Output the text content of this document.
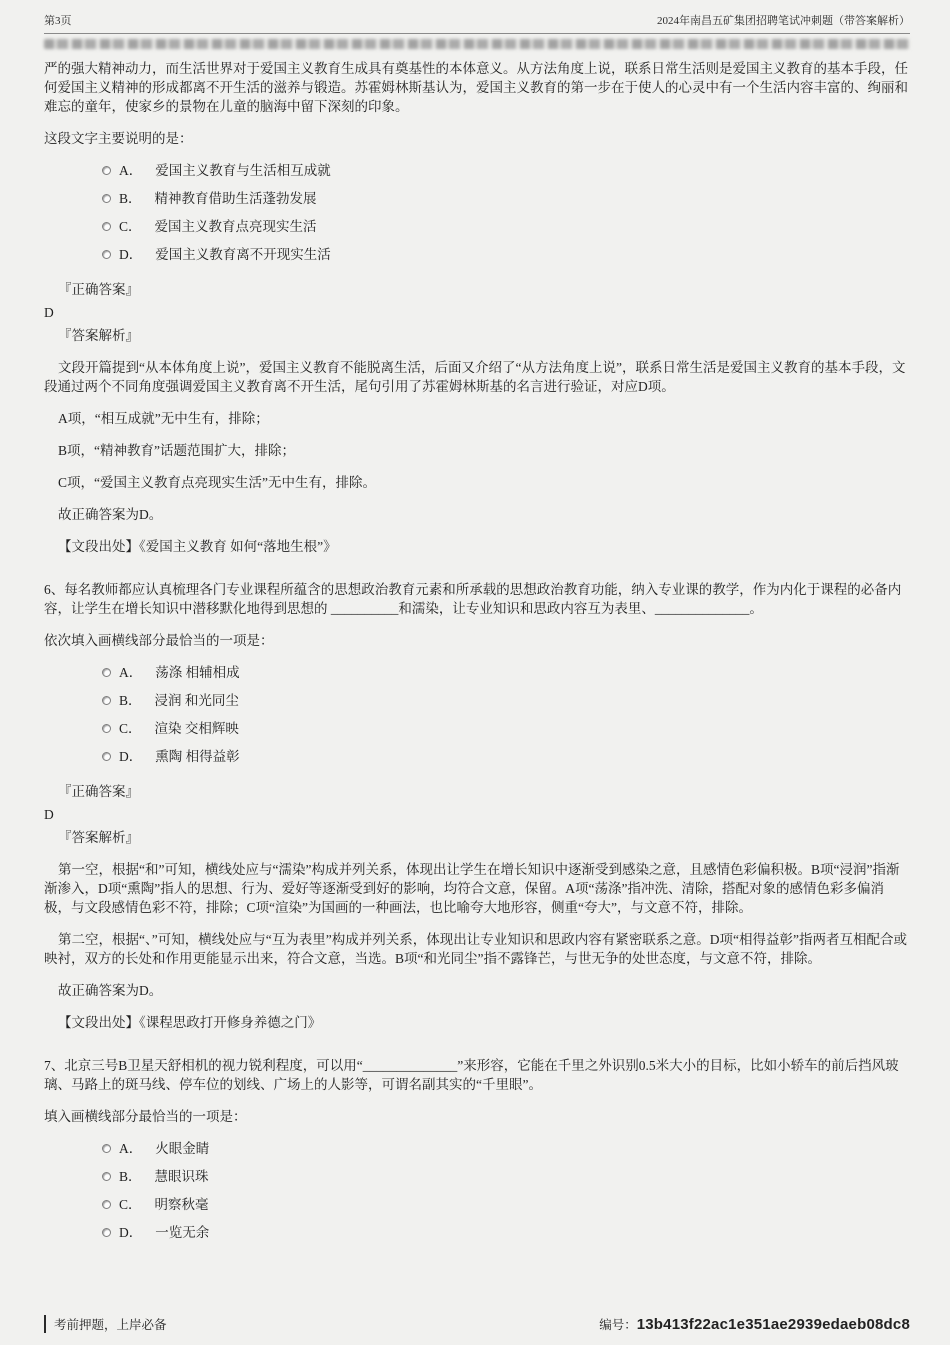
第3页	2024年南昌五矿集团招聘笔试冲刺题（带答案解析）

严的强大精神动力，而生活世界对于爱国主义教育生成具有奠基性的本体意义。从方法角度上说，联系日常生活则是爱国主义教育的基本手段，任何爱国主义精神的形成都离不开生活的滋养与锻造。苏霍姆林斯基认为，爱国主义教育的第一步在于使人的心灵中有一个生活内容丰富的、绚丽和难忘的童年，使家乡的景物在儿童的脑海中留下深刻的印象。

这段文字主要说明的是：

A． 爱国主义教育与生活相互成就
B． 精神教育借助生活蓬勃发展
C． 爱国主义教育点亮现实生活
D． 爱国主义教育离不开现实生活

『正确答案』

D

『答案解析』

文段开篇提到“从本体角度上说”，爱国主义教育不能脱离生活，后面又介绍了“从方法角度上说”，联系日常生活是爱国主义教育的基本手段，文段通过两个不同角度强调爱国主义教育离不开生活，尾句引用了苏霍姆林斯基的名言进行验证，对应D项。

A项，“相互成就”无中生有，排除；

B项，“精神教育”话题范围扩大，排除；

C项，“爱国主义教育点亮现实生活”无中生有，排除。

故正确答案为D。

【文段出处】《爱国主义教育 如何“落地生根”》

6、每名教师都应认真梳理各门专业课程所蕴含的思想政治教育元素和所承载的思想政治教育功能，纳入专业课的教学，作为内化于课程的必备内容，让学生在增长知识中潜移默化地得到思想的 __________和濡染，让专业知识和思政内容互为表里、______________。

依次填入画横线部分最恰当的一项是：

A． 荡涤 相辅相成
B． 浸润 和光同尘
C． 渲染 交相辉映
D． 熏陶 相得益彰

『正确答案』

D

『答案解析』

第一空，根据“和”可知，横线处应与“濡染”构成并列关系，体现出让学生在增长知识中逐渐受到感染之意，且感情色彩偏积极。B项“浸润”指渐渐渗入，D项“熏陶”指人的思想、行为、爱好等逐渐受到好的影响，均符合文意，保留。A项“荡涤”指冲洗、清除，搭配对象的感情色彩多偏消极，与文段感情色彩不符，排除；C项“渲染”为国画的一种画法，也比喻夸大地形容，侧重“夸大”，与文意不符，排除。

第二空，根据“、”可知，横线处应与“互为表里”构成并列关系，体现出让专业知识和思政内容有紧密联系之意。D项“相得益彰”指两者互相配合或映衬，双方的长处和作用更能显示出来，符合文意，当选。B项“和光同尘”指不露锋芒，与世无争的处世态度，与文意不符，排除。

故正确答案为D。

【文段出处】《课程思政打开修身养德之门》

7、北京三号B卫星天舒相机的视力锐利程度，可以用“______________”来形容，它能在千里之外识别0.5米大小的目标，比如小轿车的前后挡风玻璃、马路上的斑马线、停车位的划线、广场上的人影等，可谓名副其实的“千里眼”。

填入画横线部分最恰当的一项是：

A． 火眼金睛
B． 慧眼识珠
C． 明察秋毫
D． 一览无余
考前押题，上岸必备	编号：13b413f22ac1e351ae2939edaeb08dc8
